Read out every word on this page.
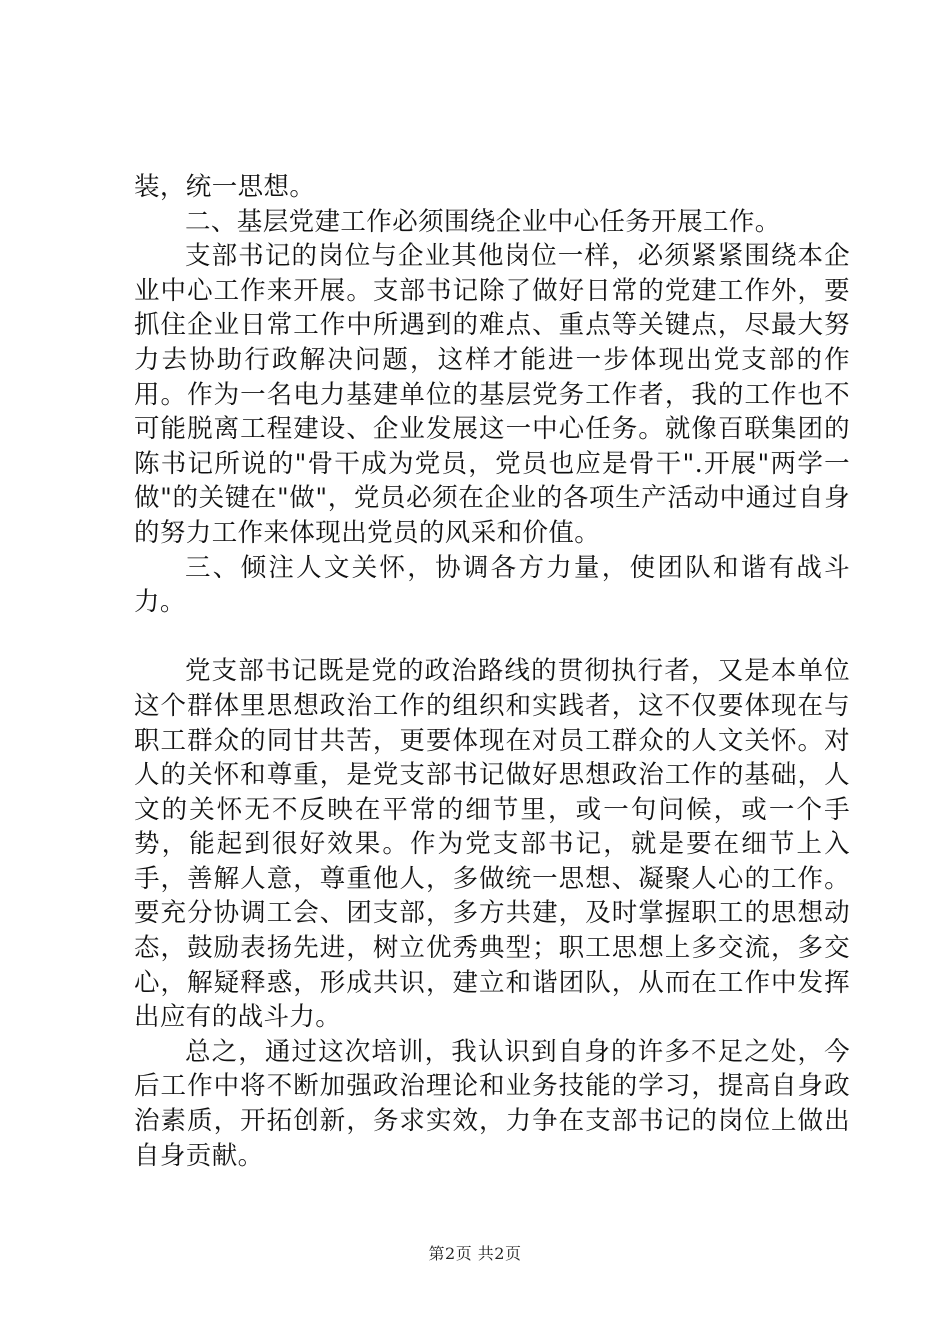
装，统一思想。

二、基层党建工作必须围绕企业中心任务开展工作。

支部书记的岗位与企业其他岗位一样，必须紧紧围绕本企业中心工作来开展。支部书记除了做好日常的党建工作外，要抓住企业日常工作中所遇到的难点、重点等关键点，尽最大努力去协助行政解决问题，这样才能进一步体现出党支部的作用。作为一名电力基建单位的基层党务工作者，我的工作也不可能脱离工程建设、企业发展这一中心任务。就像百联集团的陈书记所说的"骨干成为党员，党员也应是骨干".开展"两学一做"的关键在"做"，党员必须在企业的各项生产活动中通过自身的努力工作来体现出党员的风采和价值。

三、倾注人文关怀，协调各方力量，使团队和谐有战斗力。

党支部书记既是党的政治路线的贯彻执行者，又是本单位这个群体里思想政治工作的组织和实践者，这不仅要体现在与职工群众的同甘共苦，更要体现在对员工群众的人文关怀。对人的关怀和尊重，是党支部书记做好思想政治工作的基础，人文的关怀无不反映在平常的细节里，或一句问候，或一个手势，能起到很好效果。作为党支部书记，就是要在细节上入手，善解人意，尊重他人，多做统一思想、凝聚人心的工作。要充分协调工会、团支部，多方共建，及时掌握职工的思想动态，鼓励表扬先进，树立优秀典型；职工思想上多交流，多交心，解疑释惑，形成共识，建立和谐团队，从而在工作中发挥出应有的战斗力。

总之，通过这次培训，我认识到自身的许多不足之处，今后工作中将不断加强政治理论和业务技能的学习，提高自身政治素质，开拓创新，务求实效，力争在支部书记的岗位上做出自身贡献。

第2页 共2页
